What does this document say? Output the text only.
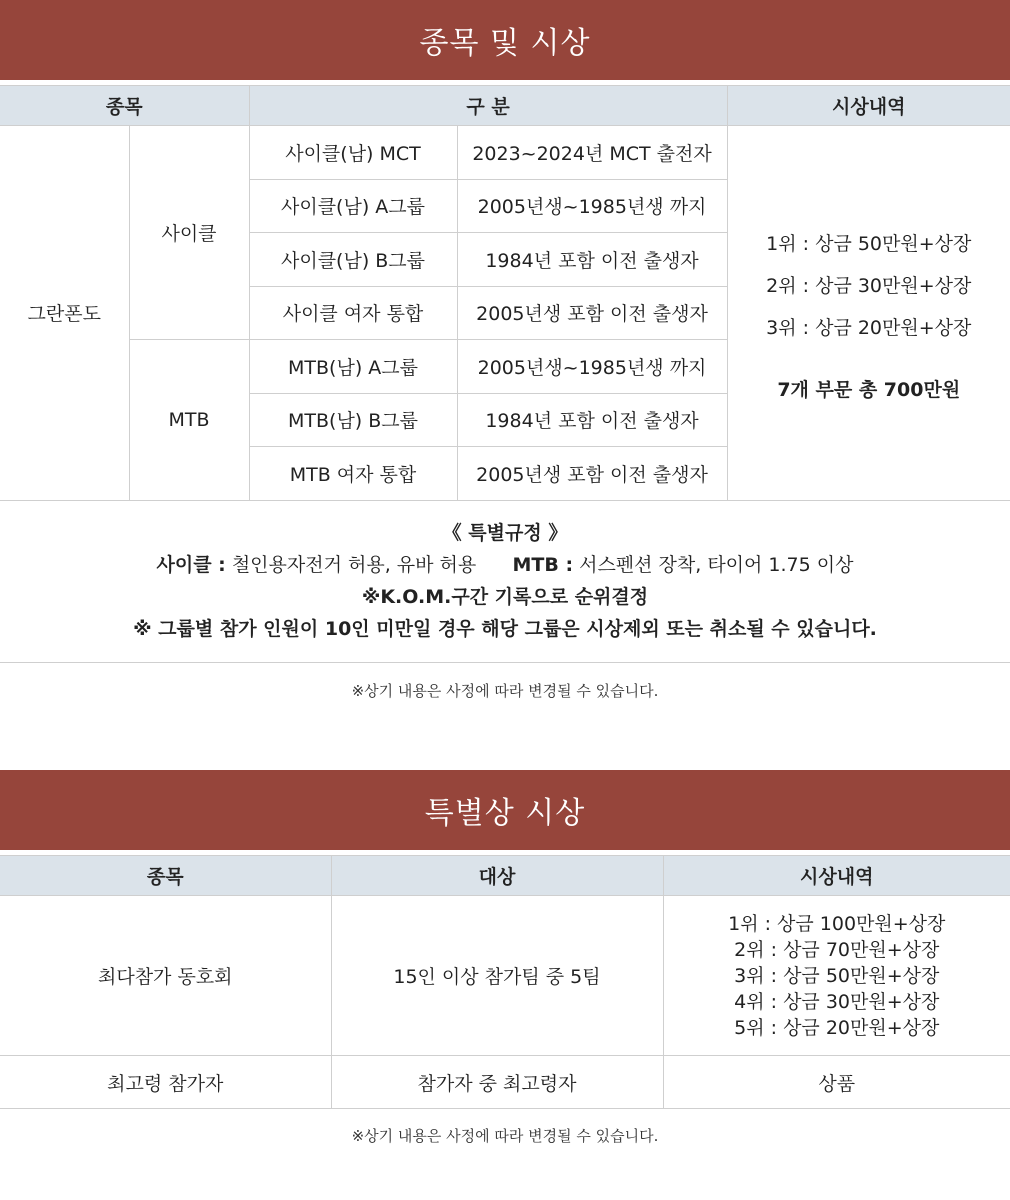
종목 및 시상
종목		구 분		시상내역
그란폰도	사이클	사이클(남) MCT	2023~2024년 MCT 출전자	1위 : 상금 50만원+상장
2위 : 상금 30만원+상장
3위 : 상금 20만원+상장
7개 부문 총 700만원

		사이클(남) A그룹	2005년생~1985년생 까지	
		사이클(남) B그룹	1984년 포함 이전 출생자	
		사이클 여자 통합	2005년생 포함 이전 출생자	
	MTB	MTB(남) A그룹	2005년생~1985년생 까지	
		MTB(남) B그룹	1984년 포함 이전 출생자	
		MTB 여자 통합	2005년생 포함 이전 출생자	
《 특별규정 》
사이클 : 철인용자전거 허용, 유바 허용 MTB : 서스펜션 장착, 타이어 1.75 이상
※K.O.M.구간 기록으로 순위결정
※ 그룹별 참가 인원이 10인 미만일 경우 해당 그룹은 시상제외 또는 취소될 수 있습니다.
※상기 내용은 사정에 따라 변경될 수 있습니다.
특별상 시상
종목	대상	시상내역
최다참가 동호회	15인 이상 참가팀 중 5팀	1위 : 상금 100만원+상장
2위 : 상금 70만원+상장
3위 : 상금 50만원+상장
4위 : 상금 30만원+상장
5위 : 상금 20만원+상장

최고령 참가자	참가자 중 최고령자	상품
※상기 내용은 사정에 따라 변경될 수 있습니다.
